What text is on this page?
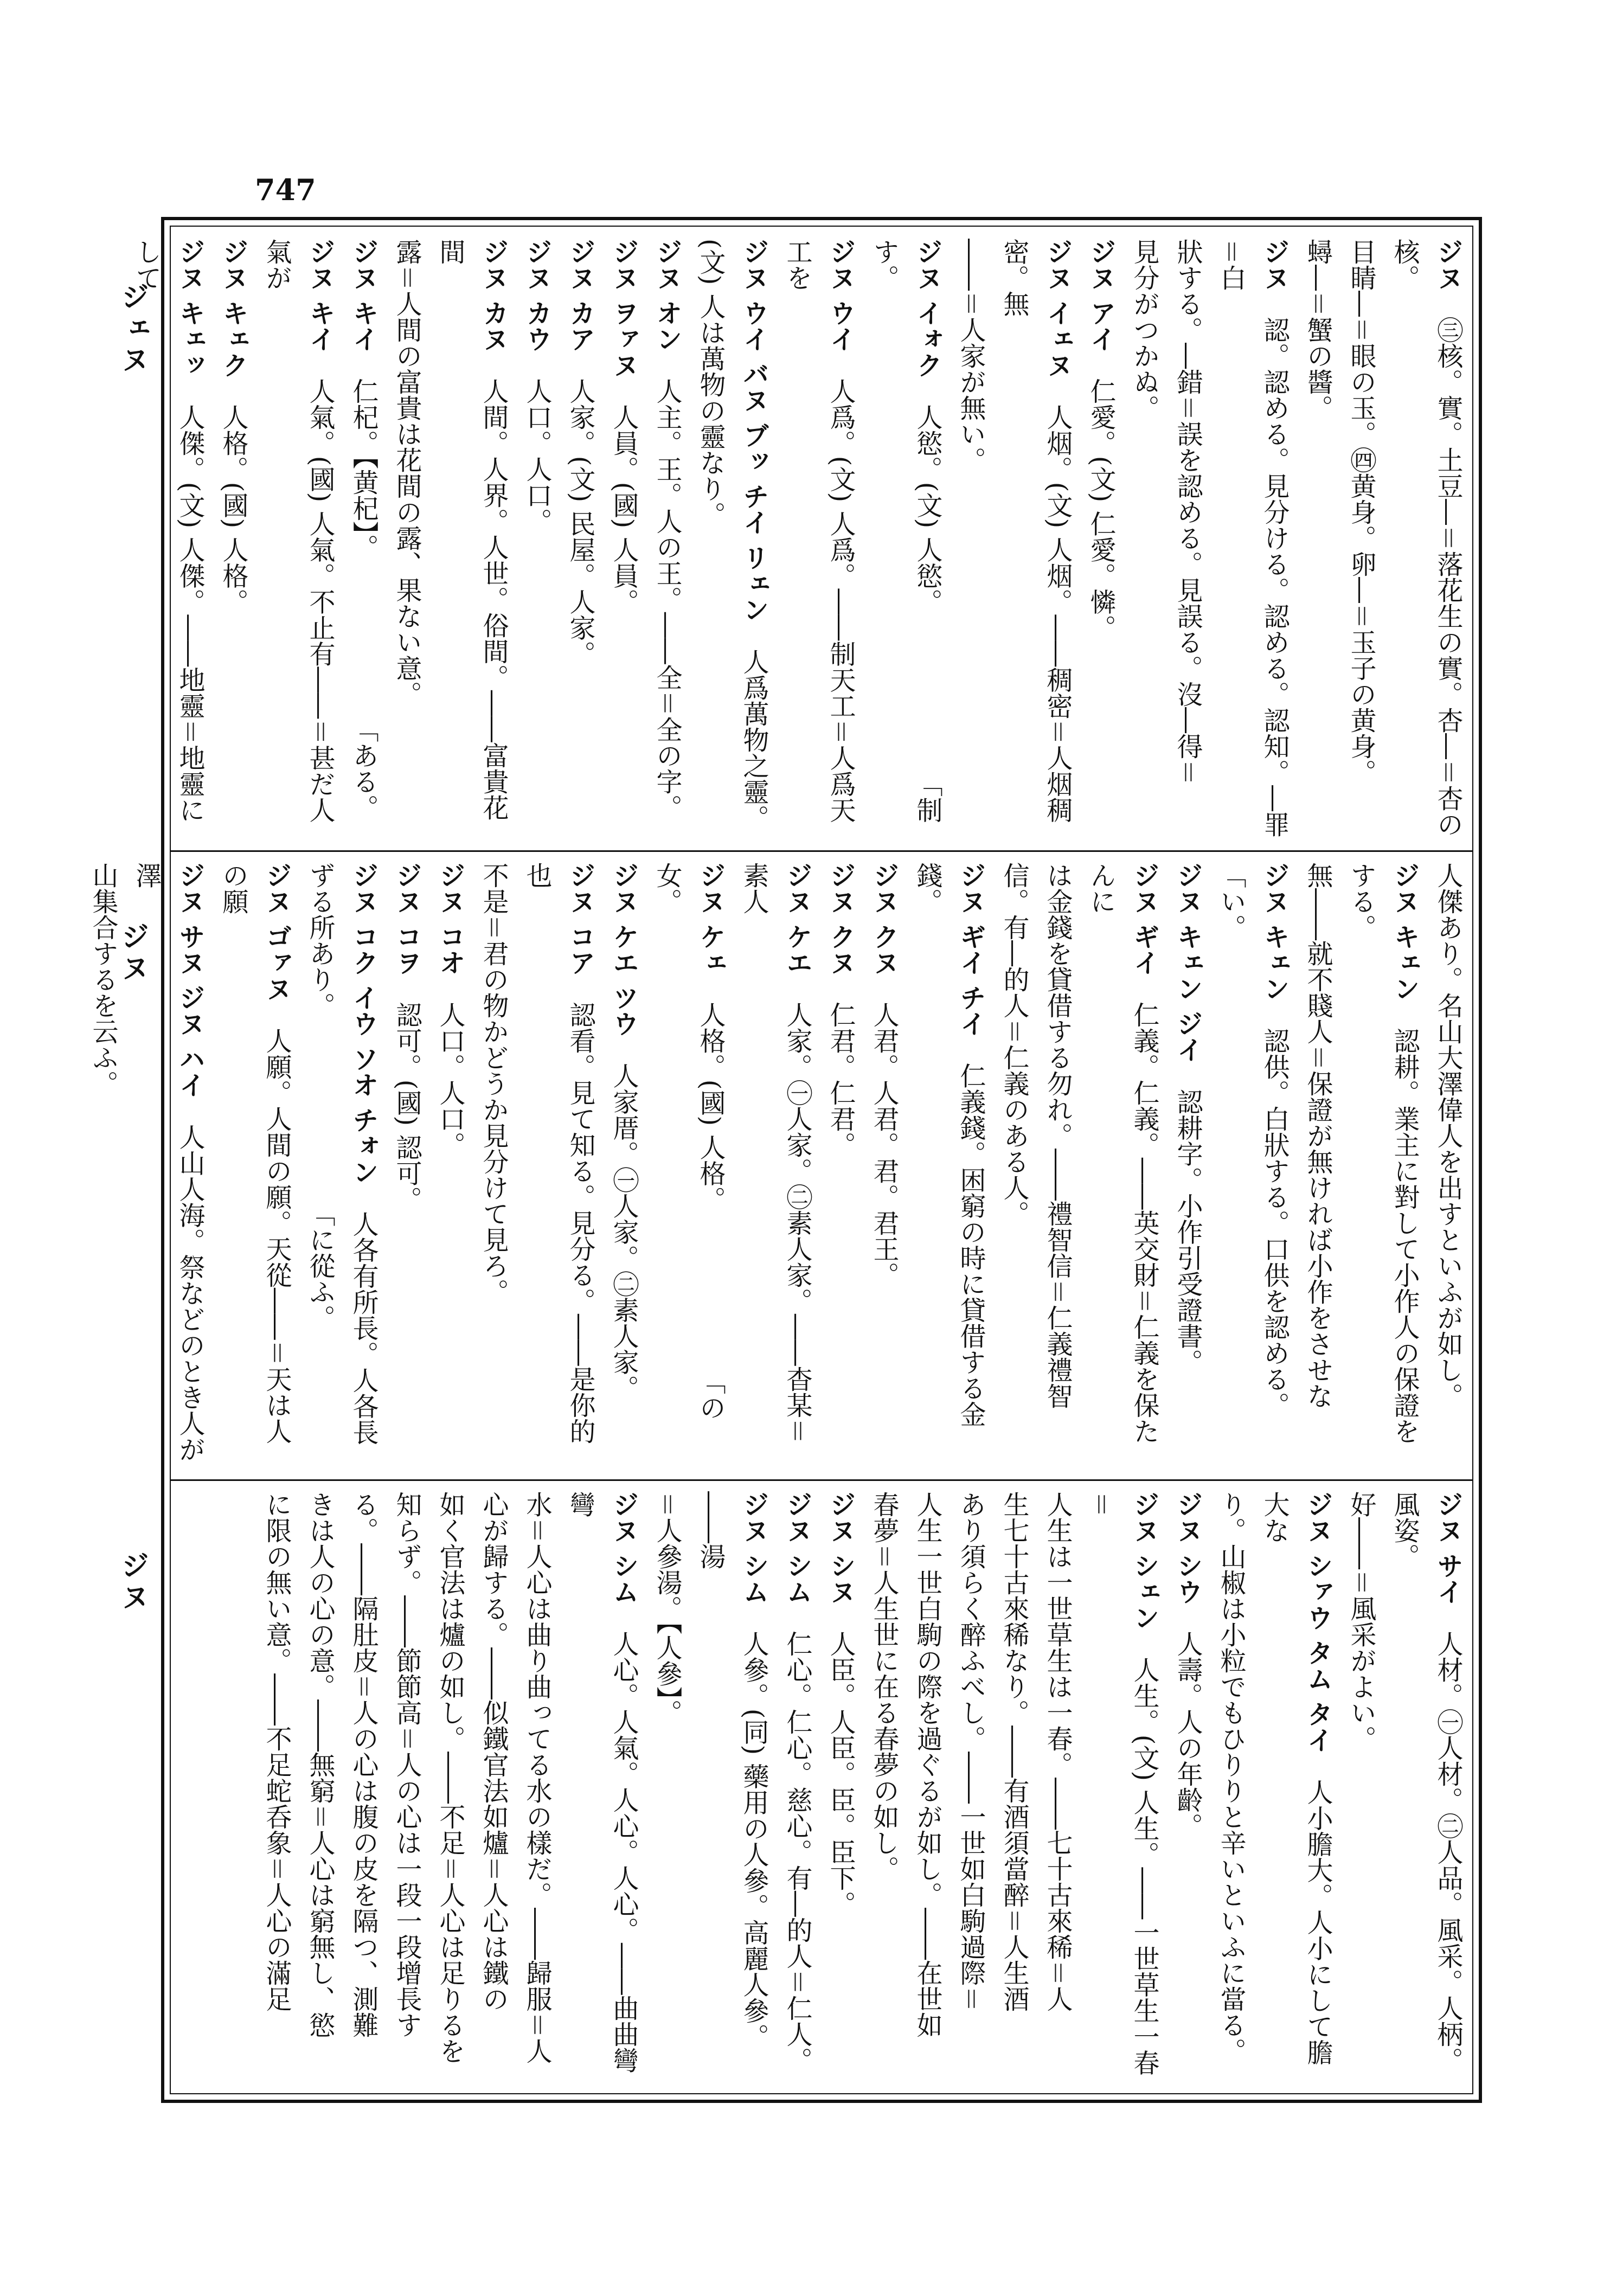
747
ジェヌ
ジヌ
ジヌ

ジヌ　㊂核。實。土豆―＝落花生の實。杏―＝杏の核。

目睛―＝眼の玉。㊃黄身。卵―＝玉子の黄身。

蟳―＝蟹の醬。

ジヌ　認。認める。見分ける。認める。認知。―罪＝白

狀する。―錯＝誤を認める。見誤る。沒―得＝

見分がつかぬ。

ジヌ アイ　仁愛。(文) 仁愛。憐。

ジヌ イェヌ　人烟。(文) 人烟。――稠密＝人烟稠密。無

――＝人家が無い。

ジヌ イォク　人慾。(文) 人慾。　　　　　　　「制す。

ジヌ ウイ　人爲。(文) 人爲。――制天工＝人爲天工を

ジヌ ウイ バヌ ブッ チイ リェン　人爲萬物之靈。

(文) 人は萬物の靈なり。

ジヌ オン　人主。王。人の王。――全＝全の字。

ジヌ ヲァヌ　人員。(國) 人員。

ジヌ カア　人家。(文) 民屋。人家。

ジヌ カウ　人口。人口。

ジヌ カヌ　人間。人界。人世。俗間。――富貴花間

露＝人間の富貴は花間の露、果ない意。

ジヌ キイ　仁杞。【黄杞】。　　　　　　　「ある。

ジヌ キイ　人氣。(國) 人氣。不止有――＝甚だ人氣が

ジヌ キェク　人格。(國) 人格。

ジヌ キェッ　人傑。(文) 人傑。――地靈＝地靈にして

人傑あり。名山大澤偉人を出すといふが如し。

ジヌ キェン　認耕。業主に對して小作人の保證をする。

無――就不賤人＝保證が無ければ小作をさせな

ジヌ キェン　認供。白狀する。口供を認める。　「い。

ジヌ キェン ジイ　認耕字。小作引受證書。

ジヌ ギイ　仁義。仁義。――英交財＝仁義を保たんに

は金錢を貸借する勿れ。――禮智信＝仁義禮智

信。有―的人＝仁義のある人。

ジヌ ギイ チイ　仁義錢。困窮の時に貸借する金錢。

ジヌ クヌ　人君。人君。君。君王。

ジヌ クヌ　仁君。仁君。

ジヌ ケエ　人家。㊀人家。㊁素人家。――杳某＝素人

ジヌ ケェ　人格。(國) 人格。　　　　　　　「の女。

ジヌ ケエ ツウ　人家厝。㊀人家。㊁素人家。

ジヌ コア　認看。見て知る。見分る。――是你的也

不是＝君の物かどうか見分けて見ろ。

ジヌ コオ　人口。人口。

ジヌ コヲ　認可。(國) 認可。

ジヌ コク イウ ソオ チォン　人各有所長。人各長

ずる所あり。　　　　　　　　「に從ふ。

ジヌ ゴァヌ　人願。人間の願。天從――＝天は人の願

ジヌ サヌ ジヌ ハイ　人山人海。祭などのとき人が澤

山集合するを云ふ。

ジヌ サイ　人材。㊀人材。㊁人品。風采。人柄。風姿。

好――＝風采がよい。

ジヌ シァウ タム タイ　人小膽大。人小にして膽大な

り。山椒は小粒でもひりりと辛いといふに當る。

ジヌ シウ　人壽。人の年齡。

ジヌ シェン　人生。(文) 人生。――一世草生一春＝

人生は一世草生は一春。――七十古來稀＝人

生七十古來稀なり。――有酒須當醉＝人生酒

あり須らく醉ふべし。――一世如白駒過際＝

人生一世白駒の際を過ぐるが如し。――在世如

春夢＝人生世に在る春夢の如し。

ジヌ シヌ　人臣。人臣。臣。臣下。

ジヌ シム　仁心。仁心。慈心。有―的人＝仁人。

ジヌ シム　人參。(同) 藥用の人參。高麗人參。――湯

＝人參湯。【人參】。

ジヌ シム　人心。人氣。人心。人心。――曲曲彎彎

水＝人心は曲り曲ってる水の樣だ。――歸服＝人

心が歸する。――似鐵官法如爐＝人心は鐵の

如く官法は爐の如し。――不足＝人心は足りるを

知らず。――節節高＝人の心は一段一段增長す

る。――隔肚皮＝人の心は腹の皮を隔つ、測難

きは人の心の意。――無窮＝人心は窮無し、慾

に限の無い意。――不足蛇呑象＝人心の滿足
